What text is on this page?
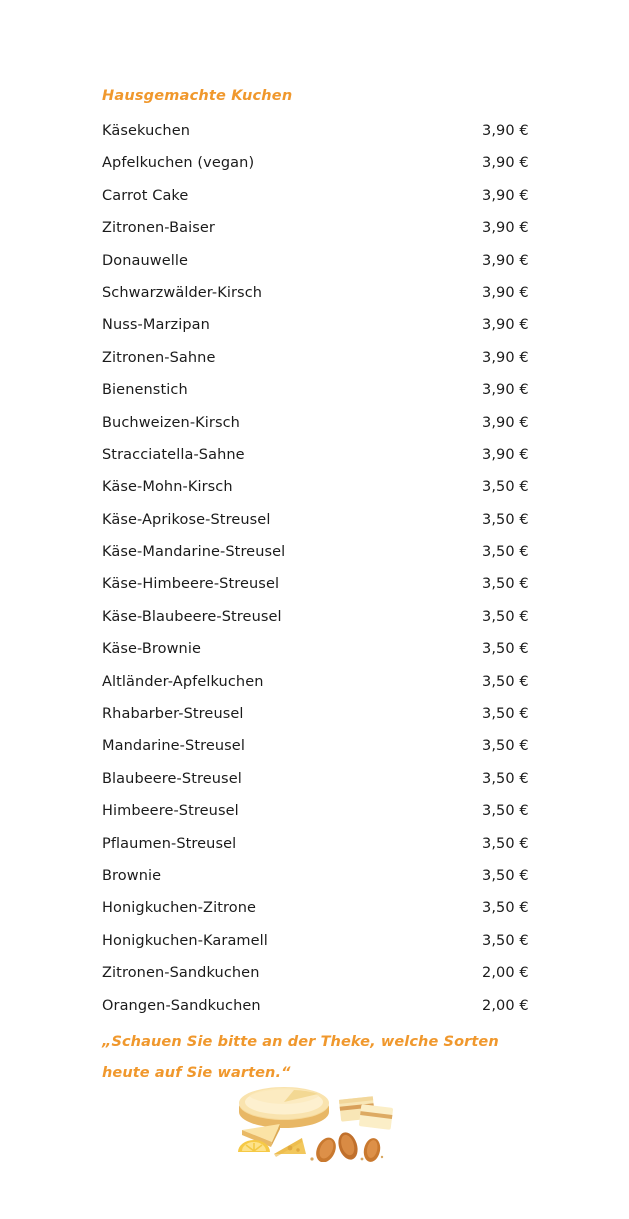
Hausgemachte Kuchen
Käsekuchen	3,90 €
Apfelkuchen (vegan)	3,90 €
Carrot Cake	3,90 €
Zitronen-Baiser	3,90 €
Donauwelle	3,90 €
Schwarzwälder-Kirsch	3,90 €
Nuss-Marzipan	3,90 €
Zitronen-Sahne	3,90 €
Bienenstich	3,90 €
Buchweizen-Kirsch	3,90 €
Stracciatella-Sahne	3,90 €
Käse-Mohn-Kirsch	3,50 €
Käse-Aprikose-Streusel	3,50 €
Käse-Mandarine-Streusel	3,50 €
Käse-Himbeere-Streusel	3,50 €
Käse-Blaubeere-Streusel	3,50 €
Käse-Brownie	3,50 €
Altländer-Apfelkuchen	3,50 €
Rhabarber-Streusel	3,50 €
Mandarine-Streusel	3,50 €
Blaubeere-Streusel	3,50 €
Himbeere-Streusel	3,50 €
Pflaumen-Streusel	3,50 €
Brownie	3,50 €
Honigkuchen-Zitrone	3,50 €
Honigkuchen-Karamell	3,50 €
Zitronen-Sandkuchen	2,00 €
Orangen-Sandkuchen	2,00 €
„Schauen Sie bitte an der Theke, welche Sorten heute auf Sie warten.“
